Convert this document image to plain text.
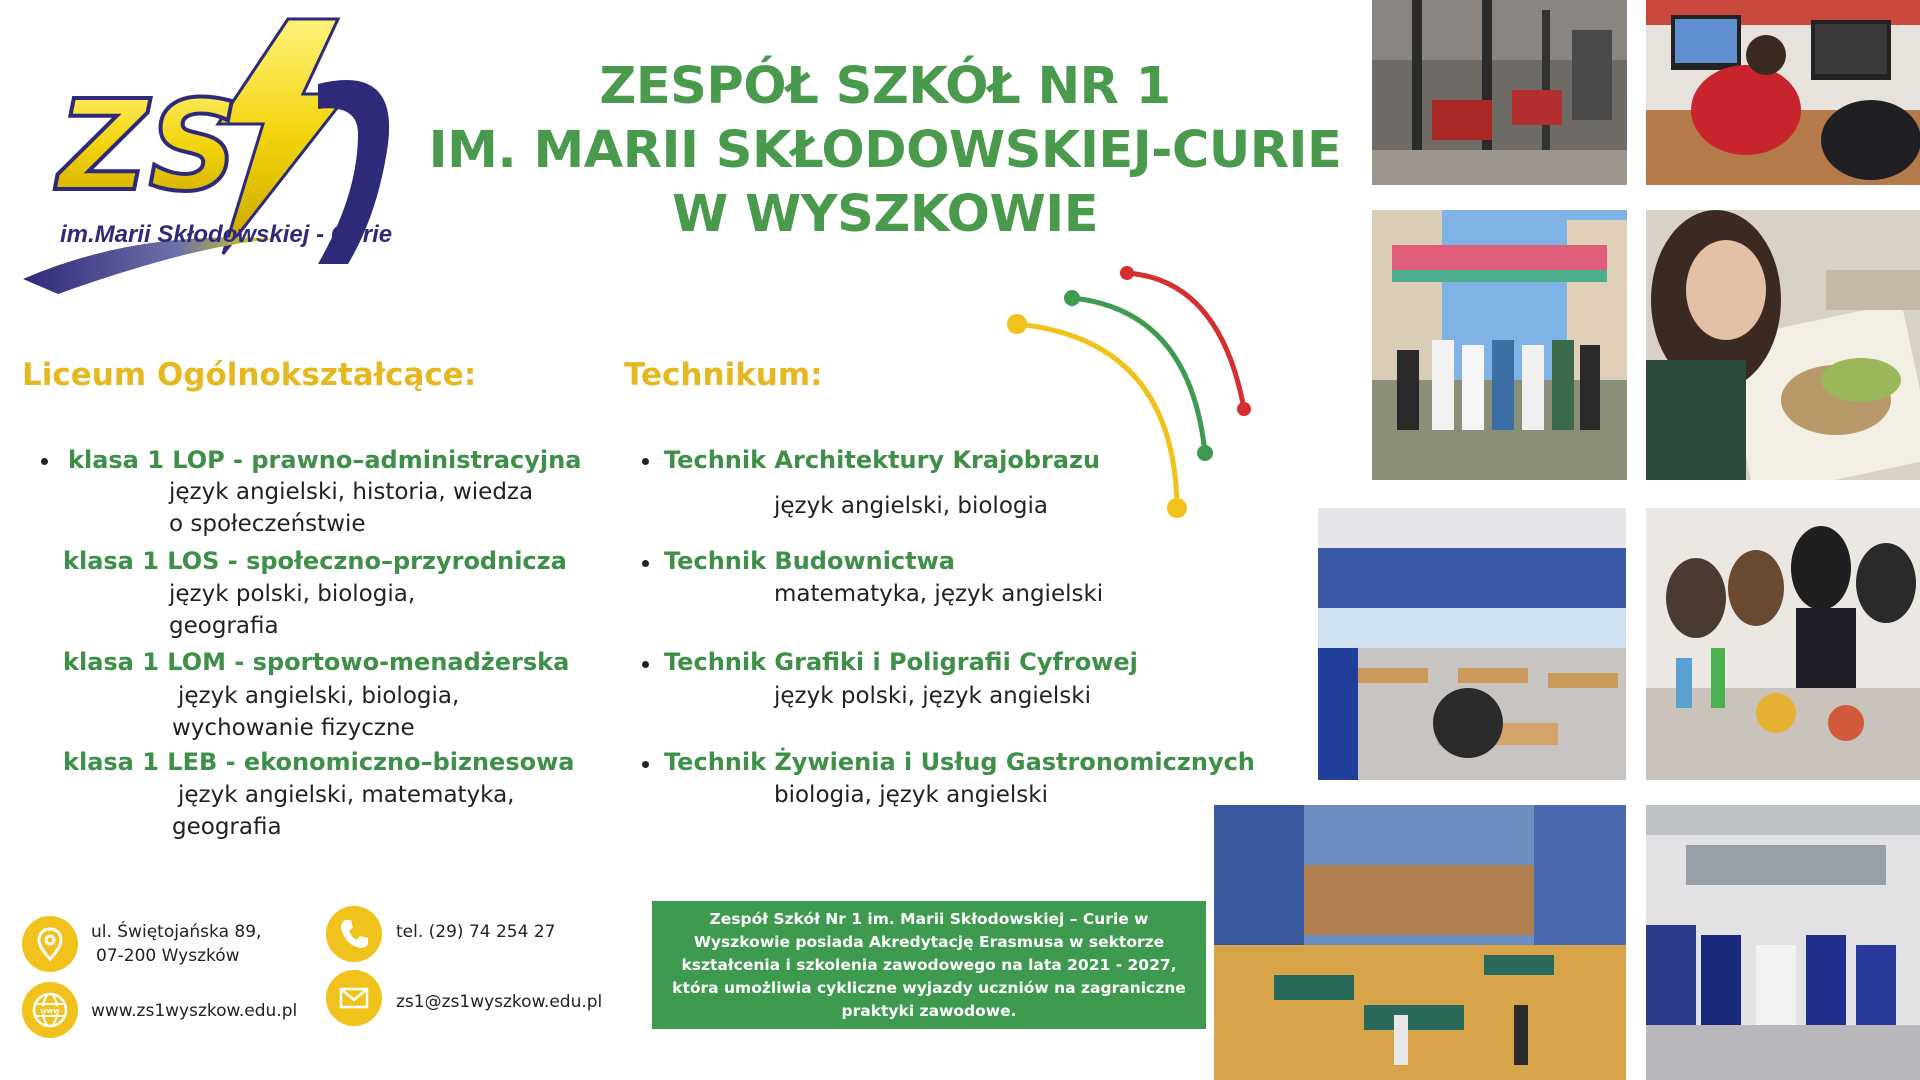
ZS
im.Marii Skłodowskiej - Curie
ZESPÓŁ SZKÓŁ NR 1
IM. MARII SKŁODOWSKIEJ-CURIE
W WYSZKOWIE
Liceum Ogólnokształcące:
klasa 1 LOP - prawno–administracyjna
język angielski, historia, wiedza
o społeczeństwie
klasa 1 LOS - społeczno–przyrodnicza
język polski, biologia,
geografia
klasa 1 LOM - sportowo-menadżerska
język angielski, biologia,
wychowanie fizyczne
klasa 1 LEB - ekonomiczno–biznesowa
język angielski, matematyka,
geografia
Technikum:
Technik Architektury Krajobrazu
język angielski, biologia
Technik Budownictwa
matematyka, język angielski
Technik Grafiki i Poligrafii Cyfrowej
język polski, język angielski
Technik Żywienia i Usług Gastronomicznych
biologia, język angielski
ul. Świętojańska 89,
07-200 Wyszków
tel. (29) 74 254 27
www www.zs1wyszkow.edu.pl	zs1@zs1wyszkow.edu.pl
Zespół Szkół Nr 1 im. Marii Skłodowskiej – Curie w Wyszkowie posiada Akredytację Erasmusa w sektorze kształcenia i szkolenia zawodowego na lata 2021 - 2027, która umożliwia cykliczne wyjazdy uczniów na zagraniczne praktyki zawodowe.
